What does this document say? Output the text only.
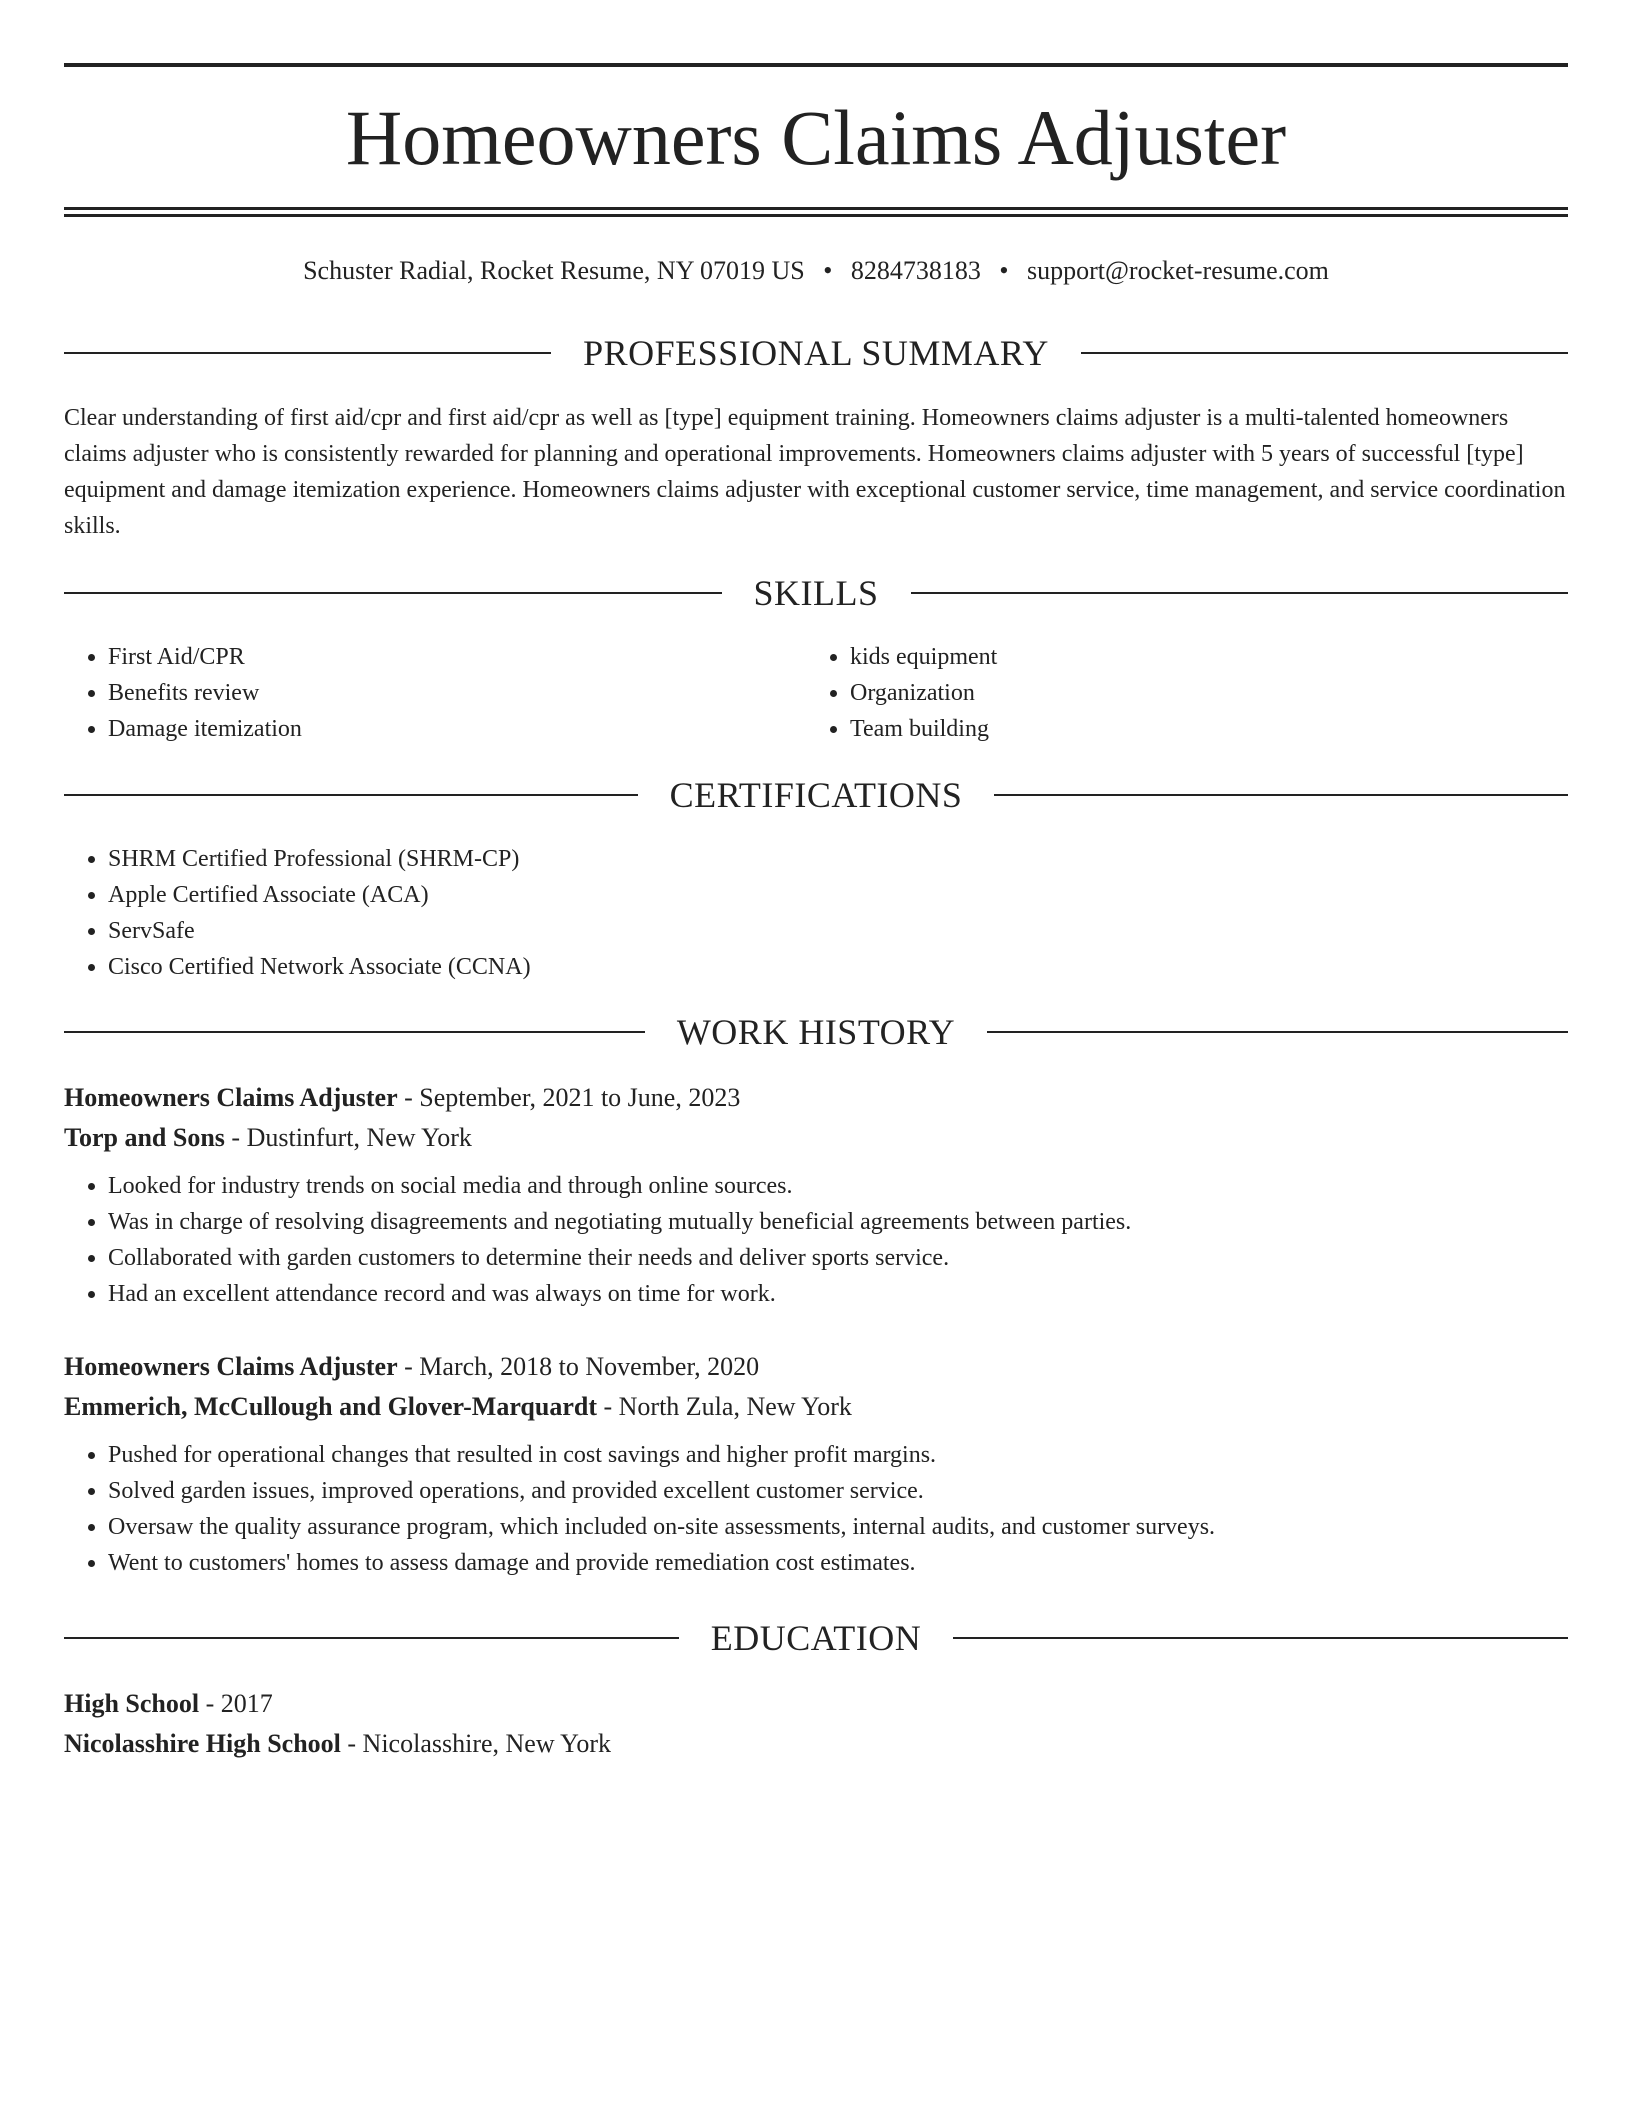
Homeowners Claims Adjuster
Schuster Radial, Rocket Resume, NY 07019 US • 8284738183 • support@rocket-resume.com
PROFESSIONAL SUMMARY

Clear understanding of first aid/cpr and first aid/cpr as well as [type] equipment training. Homeowners claims adjuster is a multi-talented homeowners claims adjuster who is consistently rewarded for planning and operational improvements. Homeowners claims adjuster with 5 years of successful [type] equipment and damage itemization experience. Homeowners claims adjuster with exceptional customer service, time management, and service coordination skills.

SKILLS
• First Aid/CPR
• Benefits review
• Damage itemization
• kids equipment
• Organization
• Team building
CERTIFICATIONS
• SHRM Certified Professional (SHRM-CP)
• Apple Certified Associate (ACA)
• ServSafe
• Cisco Certified Network Associate (CCNA)
WORK HISTORY
Homeowners Claims Adjuster - September, 2021 to June, 2023
Torp and Sons - Dustinfurt, New York
• Looked for industry trends on social media and through online sources.
• Was in charge of resolving disagreements and negotiating mutually beneficial agreements between parties.
• Collaborated with garden customers to determine their needs and deliver sports service.
• Had an excellent attendance record and was always on time for work.
Homeowners Claims Adjuster - March, 2018 to November, 2020
Emmerich, McCullough and Glover-Marquardt - North Zula, New York
• Pushed for operational changes that resulted in cost savings and higher profit margins.
• Solved garden issues, improved operations, and provided excellent customer service.
• Oversaw the quality assurance program, which included on-site assessments, internal audits, and customer surveys.
• Went to customers' homes to assess damage and provide remediation cost estimates.
EDUCATION
High School - 2017
Nicolasshire High School - Nicolasshire, New York
